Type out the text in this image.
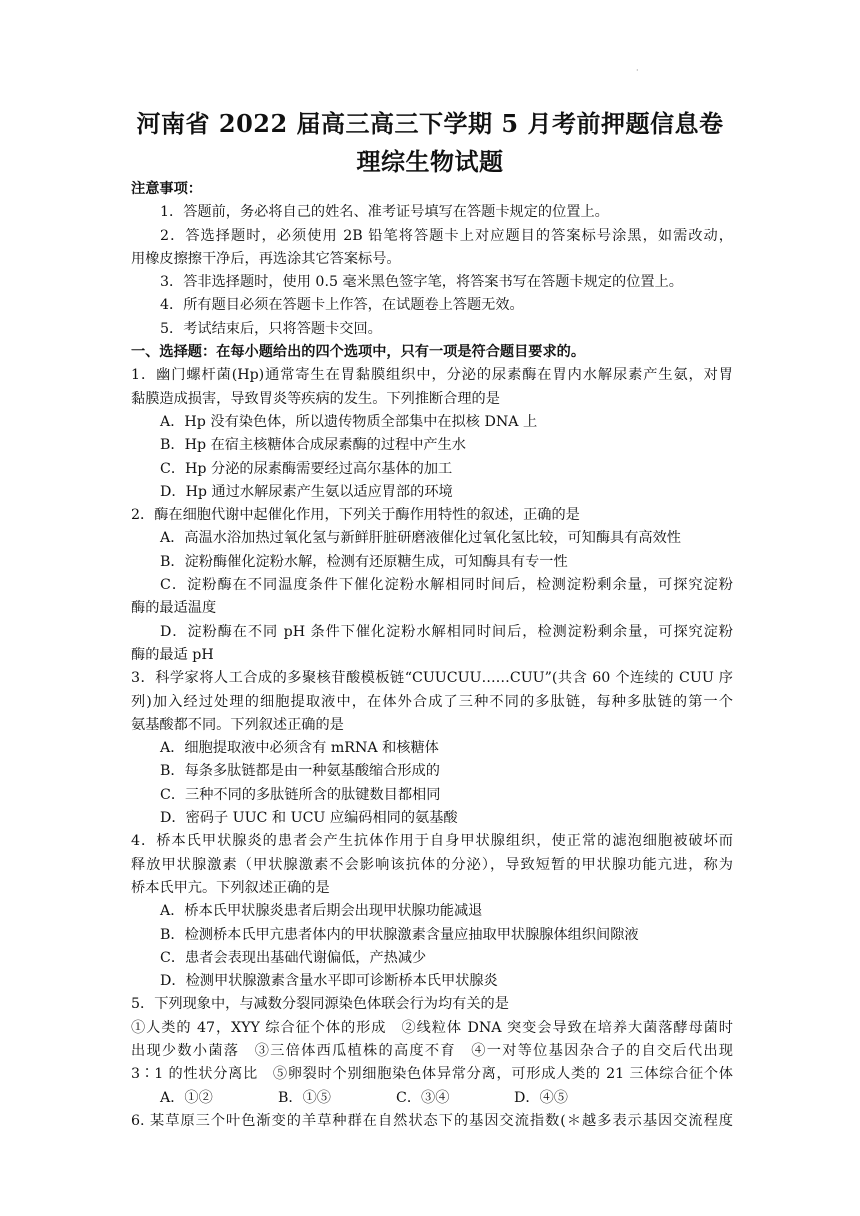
·
河南省 2022 届高三高三下学期 5 月考前押题信息卷
理综生物试题
注意事项：
1．答题前，务必将自己的姓名、准考证号填写在答题卡规定的位置上。
2．答选择题时，必须使用 2B 铅笔将答题卡上对应题目的答案标号涂黑，如需改动，
用橡皮擦擦干净后，再选涂其它答案标号。
3．答非选择题时，使用 0.5 毫米黑色签字笔，将答案书写在答题卡规定的位置上。
4．所有题目必须在答题卡上作答，在试题卷上答题无效。
5．考试结束后，只将答题卡交回。
一、选择题：在每小题给出的四个选项中，只有一项是符合题目要求的。
1．幽门螺杆菌(Hp)通常寄生在胃黏膜组织中，分泌的尿素酶在胃内水解尿素产生氨，对胃
黏膜造成损害，导致胃炎等疾病的发生。下列推断合理的是
A．Hp 没有染色体，所以遗传物质全部集中在拟核 DNA 上
B．Hp 在宿主核糖体合成尿素酶的过程中产生水
C．Hp 分泌的尿素酶需要经过高尔基体的加工
D．Hp 通过水解尿素产生氨以适应胃部的环境
2．酶在细胞代谢中起催化作用，下列关于酶作用特性的叙述，正确的是
A．高温水浴加热过氧化氢与新鲜肝脏研磨液催化过氧化氢比较，可知酶具有高效性
B．淀粉酶催化淀粉水解，检测有还原糖生成，可知酶具有专一性
C．淀粉酶在不同温度条件下催化淀粉水解相同时间后，检测淀粉剩余量，可探究淀粉
酶的最适温度
D．淀粉酶在不同 pH 条件下催化淀粉水解相同时间后，检测淀粉剩余量，可探究淀粉
酶的最适 pH
3．科学家将人工合成的多聚核苷酸模板链“CUUCUU……CUU”(共含 60 个连续的 CUU 序
列)加入经过处理的细胞提取液中，在体外合成了三种不同的多肽链，每种多肽链的第一个
氨基酸都不同。下列叙述正确的是
A．细胞提取液中必须含有 mRNA 和核糖体
B．每条多肽链都是由一种氨基酸缩合形成的
C．三种不同的多肽链所含的肽键数目都相同
D．密码子 UUC 和 UCU 应编码相同的氨基酸
4．桥本氏甲状腺炎的患者会产生抗体作用于自身甲状腺组织，使正常的滤泡细胞被破坏而
释放甲状腺激素（甲状腺激素不会影响该抗体的分泌），导致短暂的甲状腺功能亢进，称为
桥本氏甲亢。下列叙述正确的是
A．桥本氏甲状腺炎患者后期会出现甲状腺功能减退
B．检测桥本氏甲亢患者体内的甲状腺激素含量应抽取甲状腺腺体组织间隙液
C．患者会表现出基础代谢偏低，产热减少
D．检测甲状腺激素含量水平即可诊断桥本氏甲状腺炎
5．下列现象中，与减数分裂同源染色体联会行为均有关的是
①人类的 47，XYY 综合征个体的形成　②线粒体 DNA 突变会导致在培养大菌落酵母菌时
出现少数小菌落　③三倍体西瓜植株的高度不育　④一对等位基因杂合子的自交后代出现
3∶1 的性状分离比　⑤卵裂时个别细胞染色体异常分离，可形成人类的 21 三体综合征个体
A．①②	B．①⑤	C．③④	D．④⑤
6. 某草原三个叶色渐变的羊草种群在自然状态下的基因交流指数(＊越多表示基因交流程度
